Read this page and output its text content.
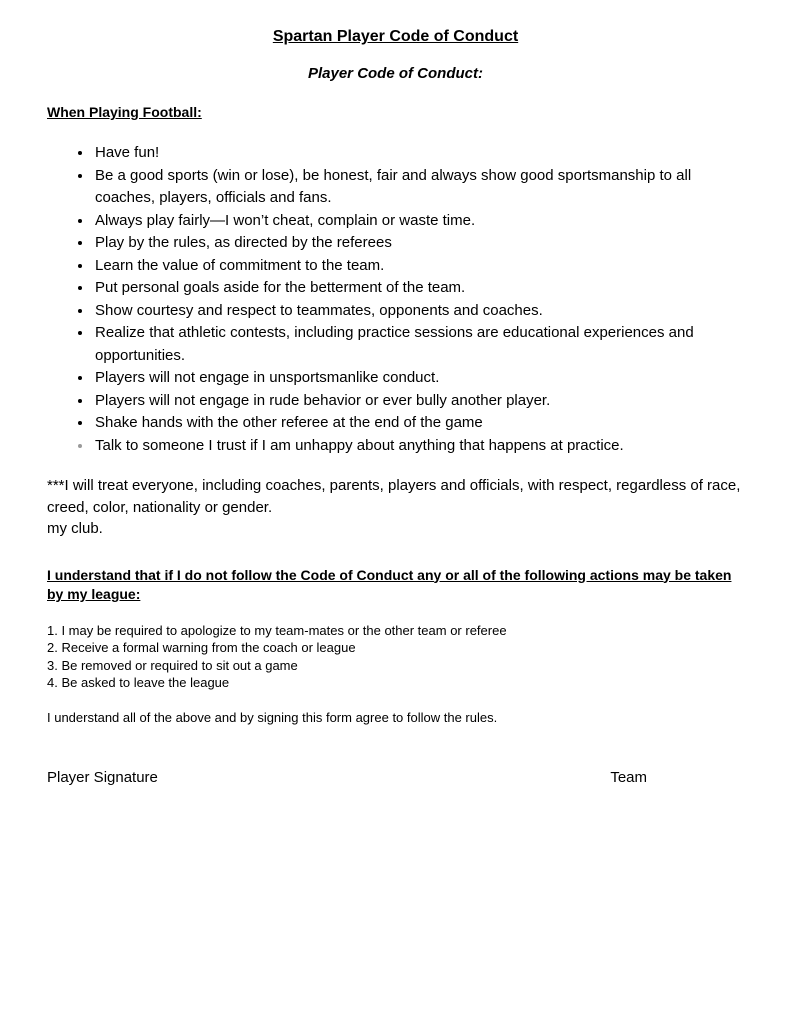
Spartan Player Code of Conduct
Player Code of Conduct:
When Playing Football:
• Have fun!
• Be a good sports (win or lose), be honest, fair and always show good sportsmanship to all coaches, players, officials and fans.
• Always play fairly—I won’t cheat, complain or waste time.
• Play by the rules, as directed by the referees
• Learn the value of commitment to the team.
• Put personal goals aside for the betterment of the team.
• Show courtesy and respect to teammates, opponents and coaches.
• Realize that athletic contests, including practice sessions are educational experiences and opportunities.
• Players will not engage in unsportsmanlike conduct.
• Players will not engage in rude behavior or ever bully another player.
• Shake hands with the other referee at the end of the game
• Talk to someone I trust if I am unhappy about anything that happens at practice.
***I will treat everyone, including coaches, parents, players and officials, with respect, regardless of race, creed, color, nationality or gender.
my club.
I understand that if I do not follow the Code of Conduct any or all of the following actions may be taken by my league:
1. I may be required to apologize to my team-mates or the other team or referee
2. Receive a formal warning from the coach or league
3. Be removed or required to sit out a game
4. Be asked to leave the league
I understand all of the above and by signing this form agree to follow the rules.
Player Signature	Team
